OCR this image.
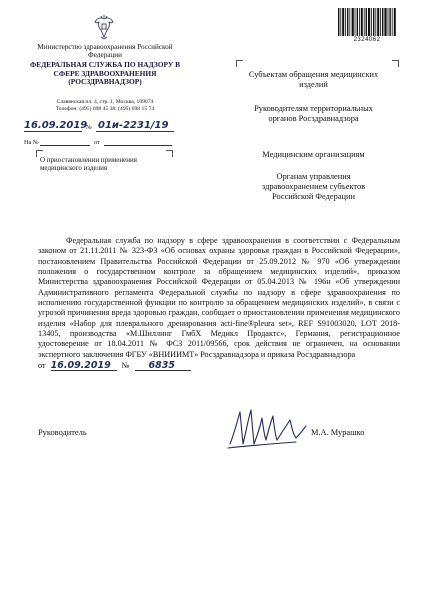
Министерство здравоохранения Российской Федерации
ФЕДЕРАЛЬНАЯ СЛУЖБА ПО НАДЗОРУ В СФЕРЕ ЗДРАВООХРАНЕНИЯ (РОСЗДРАВНАДЗОР)
Славянская пл. 4, стр. 1, Москва, 109074
Телефон: (495) 698 45 38; (495) 698 15 74
16.09.2019
№ 01и-2231/19
На №	от
О приостановлении применения медицинского изделия
2324062
Субъектам обращения медицинских изделий
Руководителям территориальных органов Росздравнадзора
Медицинским организациям
Органам управления здравоохранением субъектов Российской Федерации
Федеральная служба по надзору в сфере здравоохранения в соответствии с Федеральным законом от 21.11.2011 № 323-ФЗ «Об основах охраны здоровья граждан в Российской Федерации», постановлением Правительства Российской Федерации от 25.09.2012 № 970 «Об утверждении положения о государственном контроле за обращением медицинских изделий», приказом Министерства здравоохранения Российской Федерации от 05.04.2013 № 196н «Об утверждении Административного регламента Федеральной службы по надзору в сфере здравоохранения по исполнению государственной функции по контролю за обращением медицинских изделий», в связи с угрозой причинения вреда здоровью граждан, сообщает о приостановлении применения медицинского изделия «Набор для плеврального дренирования acti-fine®pleura set», REF S91003020, LOT 2018-13405, производства «М.Шиллинг ГмбХ Медикл Продактс», Германия, регистрационное удостоверение от 18.04.2011 № ФСЗ 2011/09566, срок действия не ограничен, на основании экспертного заключения ФГБУ «ВНИИИМТ» Росздравнадзора и приказа Росздравнадзора
от 16.09.2019 № 6835
Руководитель	М.А. Мурашко
